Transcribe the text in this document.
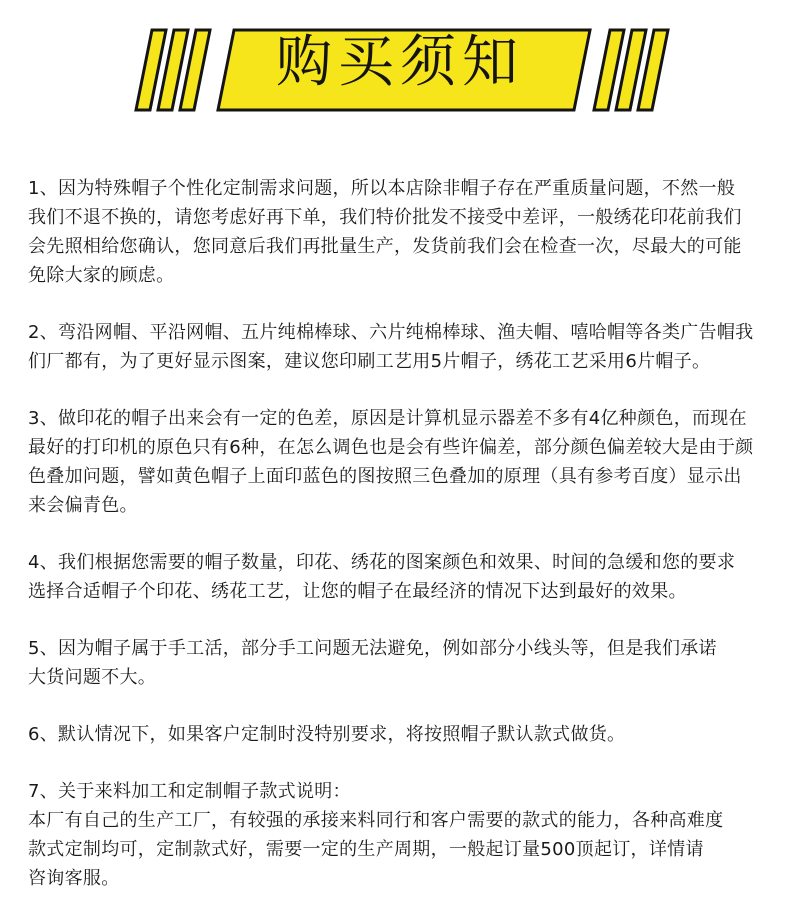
购买须知

1、因为特殊帽子个性化定制需求问题，所以本店除非帽子存在严重质量问题，不然一般
我们不退不换的，请您考虑好再下单，我们特价批发不接受中差评，一般绣花印花前我们
会先照相给您确认，您同意后我们再批量生产，发货前我们会在检查一次，尽最大的可能
免除大家的顾虑。

2、弯沿网帽、平沿网帽、五片纯棉棒球、六片纯棉棒球、渔夫帽、嘻哈帽等各类广告帽我
们厂都有，为了更好显示图案，建议您印刷工艺用5片帽子，绣花工艺采用6片帽子。

3、做印花的帽子出来会有一定的色差，原因是计算机显示器差不多有4亿种颜色，而现在
最好的打印机的原色只有6种，在怎么调色也是会有些许偏差，部分颜色偏差较大是由于颜
色叠加问题，譬如黄色帽子上面印蓝色的图按照三色叠加的原理（具有参考百度）显示出
来会偏青色。

4、我们根据您需要的帽子数量，印花、绣花的图案颜色和效果、时间的急缓和您的要求
选择合适帽子个印花、绣花工艺，让您的帽子在最经济的情况下达到最好的效果。

5、因为帽子属于手工活，部分手工问题无法避免，例如部分小线头等，但是我们承诺
大货问题不大。

6、默认情况下，如果客户定制时没特别要求，将按照帽子默认款式做货。

7、关于来料加工和定制帽子款式说明：
本厂有自己的生产工厂，有较强的承接来料同行和客户需要的款式的能力，各种高难度
款式定制均可，定制款式好，需要一定的生产周期，一般起订量500顶起订，详情请
咨询客服。
